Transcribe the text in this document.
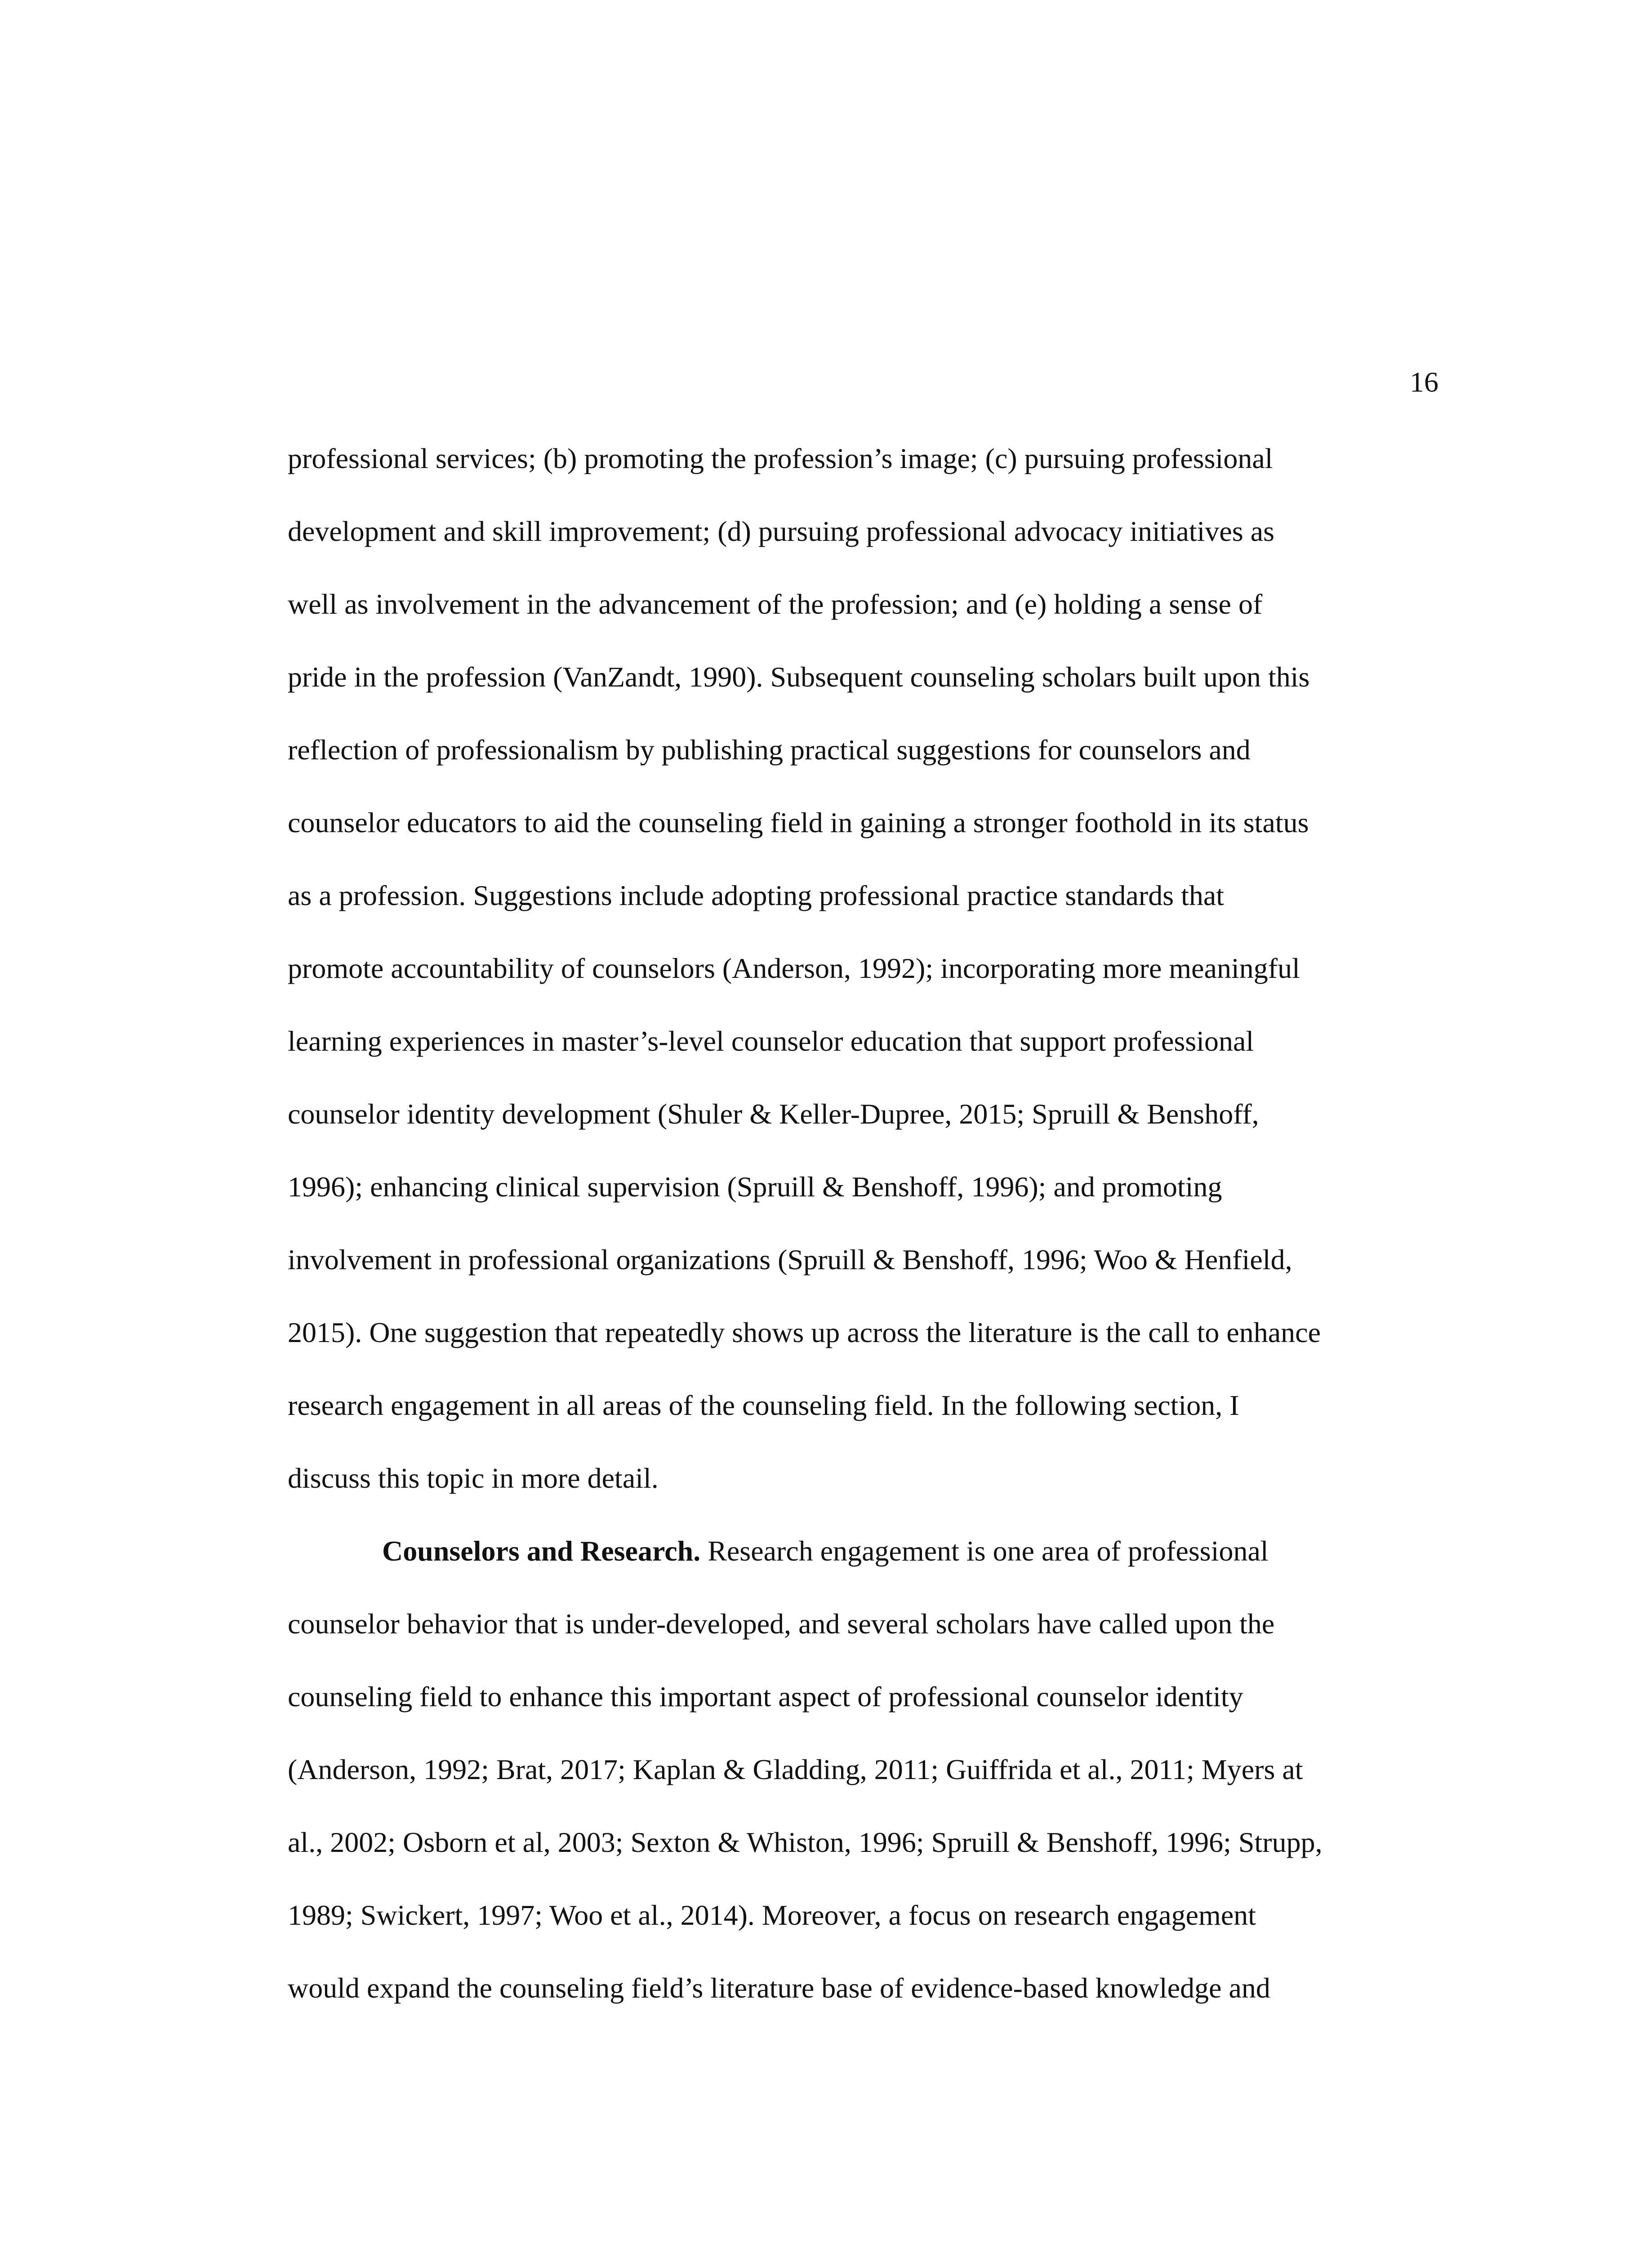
16
professional services; (b) promoting the profession’s image; (c) pursuing professional
development and skill improvement; (d) pursuing professional advocacy initiatives as
well as involvement in the advancement of the profession; and (e) holding a sense of
pride in the profession (VanZandt, 1990). Subsequent counseling scholars built upon this
reflection of professionalism by publishing practical suggestions for counselors and
counselor educators to aid the counseling field in gaining a stronger foothold in its status
as a profession. Suggestions include adopting professional practice standards that
promote accountability of counselors (Anderson, 1992); incorporating more meaningful
learning experiences in master’s-level counselor education that support professional
counselor identity development (Shuler & Keller-Dupree, 2015; Spruill & Benshoff,
1996); enhancing clinical supervision (Spruill & Benshoff, 1996); and promoting
involvement in professional organizations (Spruill & Benshoff, 1996; Woo & Henfield,
2015). One suggestion that repeatedly shows up across the literature is the call to enhance
research engagement in all areas of the counseling field. In the following section, I
discuss this topic in more detail.
Counselors and Research. Research engagement is one area of professional
counselor behavior that is under-developed, and several scholars have called upon the
counseling field to enhance this important aspect of professional counselor identity
(Anderson, 1992; Brat, 2017; Kaplan & Gladding, 2011; Guiffrida et al., 2011; Myers at
al., 2002; Osborn et al, 2003; Sexton & Whiston, 1996; Spruill & Benshoff, 1996; Strupp,
1989; Swickert, 1997; Woo et al., 2014). Moreover, a focus on research engagement
would expand the counseling field’s literature base of evidence-based knowledge and
